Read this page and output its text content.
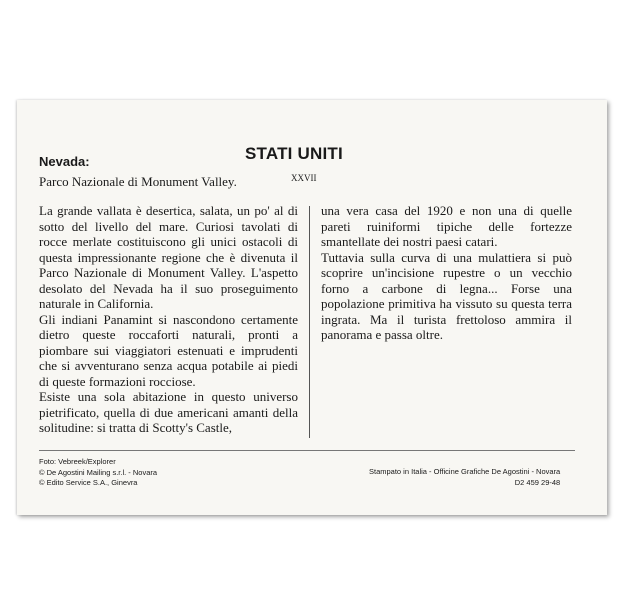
Nevada:	STATI UNITI
XXVII
Parco Nazionale di Monument Valley.

La grande vallata è desertica, salata, un po' al di sotto del livello del mare. Curiosi tavolati di rocce merlate costituiscono gli unici ostacoli di questa impressionante regione che è divenuta il Parco Nazionale di Monument Valley. L'aspetto desolato del Nevada ha il suo proseguimento naturale in California.

Gli indiani Panamint si nascondono certamente dietro queste roccaforti naturali, pronti a piombare sui viaggiatori estenuati e imprudenti che si avventurano senza acqua potabile ai piedi di queste formazioni rocciose.

Esiste una sola abitazione in questo universo pietrificato, quella di due americani amanti della solitudine: si tratta di Scotty's Castle,

una vera casa del 1920 e non una di quelle pareti ruiniformi tipiche delle fortezze smantellate dei nostri paesi catari.

Tuttavia sulla curva di una mulattiera si può scoprire un'incisione rupestre o un vecchio forno a carbone di legna... Forse una popolazione primitiva ha vissuto su questa terra ingrata. Ma il turista frettoloso ammira il panorama e passa oltre.

Foto: Vebreek/Explorer
© De Agostini Mailing s.r.l. - Novara
© Edito Service S.A., Ginevra
Stampato in Italia - Officine Grafiche De Agostini - Novara
D2 459 29-48
